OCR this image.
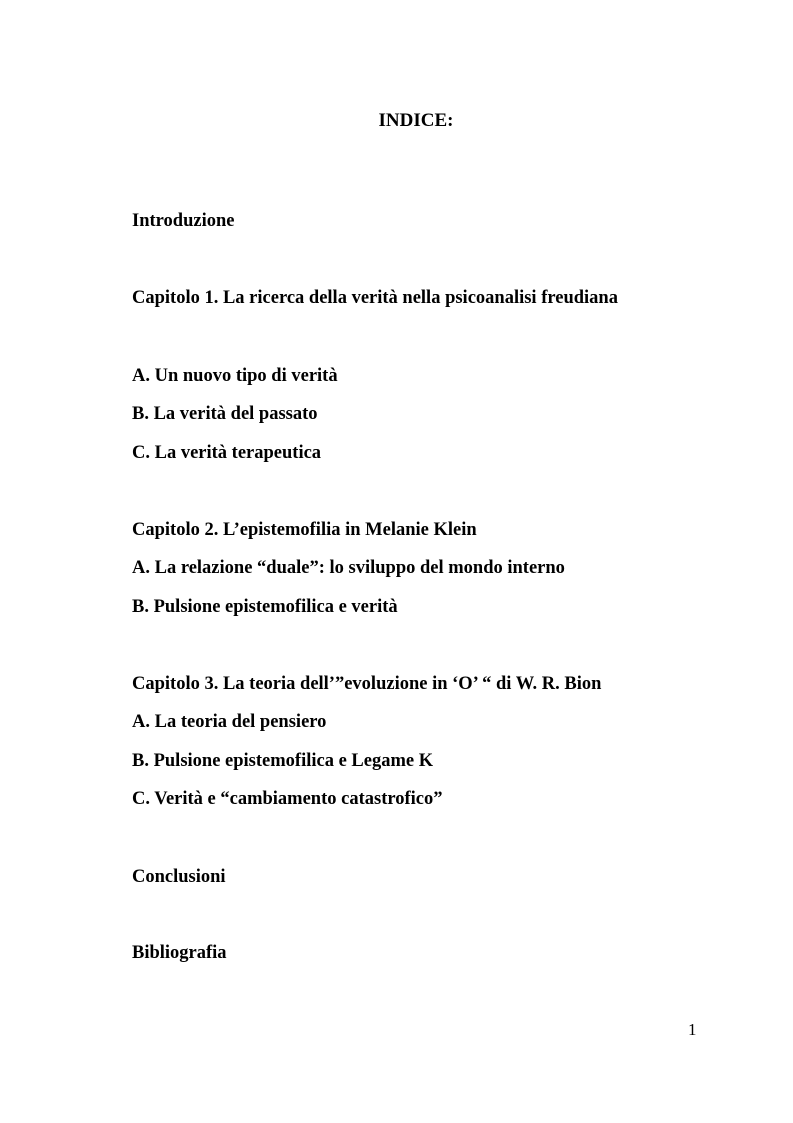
INDICE:
Introduzione
Capitolo 1. La ricerca della verità nella psicoanalisi freudiana
A. Un nuovo tipo di verità
B. La verità del passato
C. La verità terapeutica
Capitolo 2. L’epistemofilia in Melanie Klein
A. La relazione “duale”: lo sviluppo del mondo interno
B. Pulsione epistemofilica e verità
Capitolo 3. La teoria dell’”evoluzione in ‘O’ “ di W. R. Bion
A. La teoria del pensiero
B. Pulsione epistemofilica e Legame K
C. Verità e “cambiamento catastrofico”
Conclusioni
Bibliografia
1
